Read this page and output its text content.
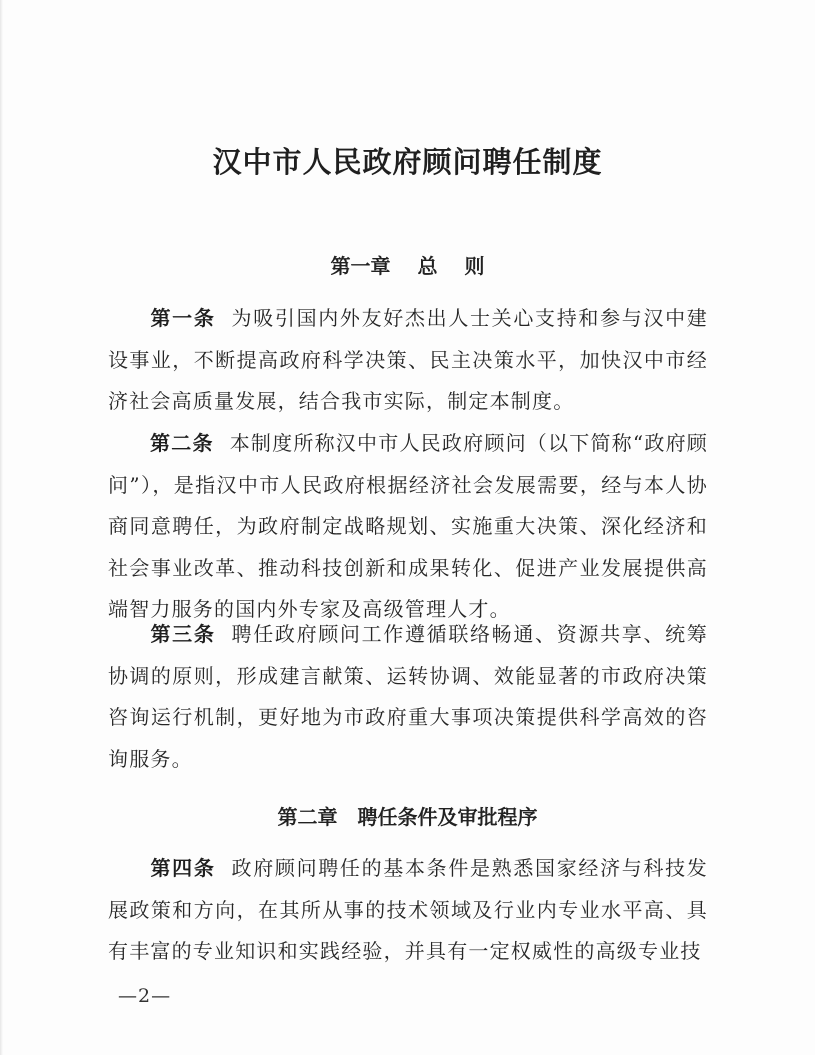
汉中市人民政府顾问聘任制度
第一章　 总　 则
第一条 为吸引国内外友好杰出人士关心支持和参与汉中建设事业，不断提高政府科学决策、民主决策水平，加快汉中市经济社会高质量发展，结合我市实际，制定本制度。
第二条 本制度所称汉中市人民政府顾问（以下简称“政府顾问”），是指汉中市人民政府根据经济社会发展需要，经与本人协商同意聘任，为政府制定战略规划、实施重大决策、深化经济和社会事业改革、推动科技创新和成果转化、促进产业发展提供高端智力服务的国内外专家及高级管理人才。
第三条 聘任政府顾问工作遵循联络畅通、资源共享、统筹协调的原则，形成建言献策、运转协调、效能显著的市政府决策咨询运行机制，更好地为市政府重大事项决策提供科学高效的咨询服务。
第二章　聘任条件及审批程序
第四条 政府顾问聘任的基本条件是熟悉国家经济与科技发展政策和方向，在其所从事的技术领域及行业内专业水平高、具有丰富的专业知识和实践经验，并具有一定权威性的高级专业技
—2—
